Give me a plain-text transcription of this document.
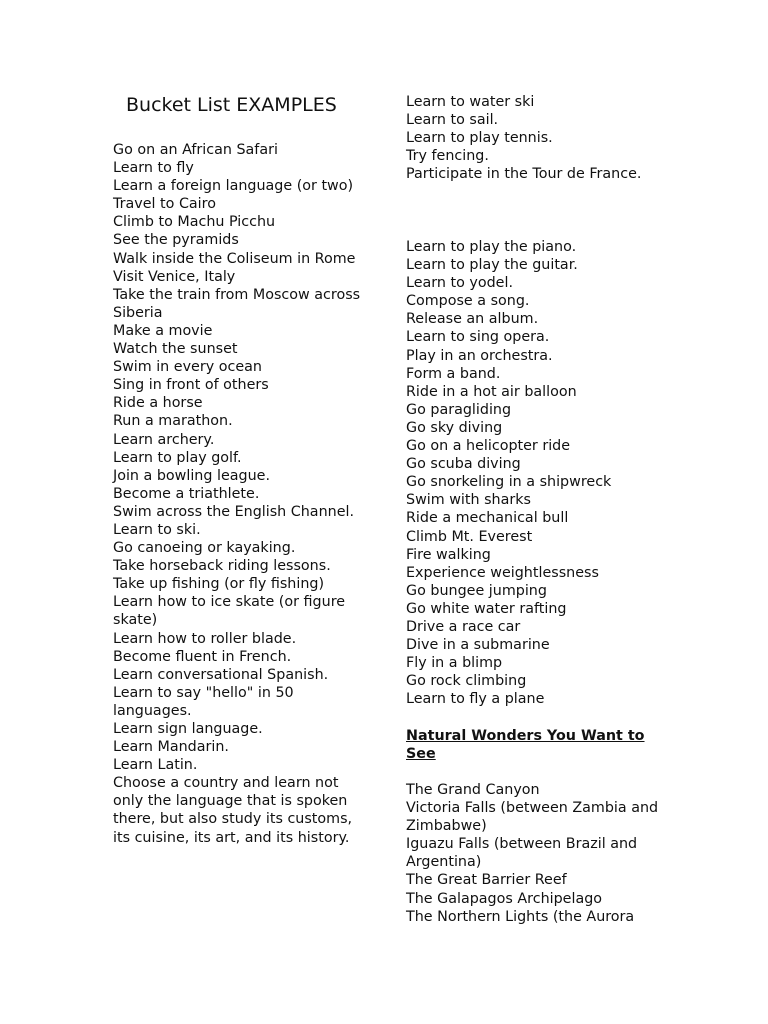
Bucket List EXAMPLES
Go on an African Safari
Learn to fly
Learn a foreign language (or two)
Travel to Cairo
Climb to Machu Picchu
See the pyramids
Walk inside the Coliseum in Rome
Visit Venice, Italy
Take the train from Moscow across Siberia
Make a movie
Watch the sunset
Swim in every ocean
Sing in front of others
Ride a horse
Run a marathon.
Learn archery.
Learn to play golf.
Join a bowling league.
Become a triathlete.
Swim across the English Channel.
Learn to ski.
Go canoeing or kayaking.
Take horseback riding lessons.
Take up fishing (or fly fishing)
Learn how to ice skate (or figure skate)
Learn how to roller blade.
Become fluent in French.
Learn conversational Spanish.
Learn to say "hello" in 50 languages.
Learn sign language.
Learn Mandarin.
Learn Latin.
Choose a country and learn not only the language that is spoken there, but also study its customs, its cuisine, its art, and its history.
Learn to water ski
Learn to sail.
Learn to play tennis.
Try fencing.
Participate in the Tour de France.
Learn to play the piano.
Learn to play the guitar.
Learn to yodel.
Compose a song.
Release an album.
Learn to sing opera.
Play in an orchestra.
Form a band.
Ride in a hot air balloon
Go paragliding
Go sky diving
Go on a helicopter ride
Go scuba diving
Go snorkeling in a shipwreck
Swim with sharks
Ride a mechanical bull
Climb Mt. Everest
Fire walking
Experience weightlessness
Go bungee jumping
Go white water rafting
Drive a race car
Dive in a submarine
Fly in a blimp
Go rock climbing
Learn to fly a plane
Natural Wonders You Want to See
The Grand Canyon
Victoria Falls (between Zambia and Zimbabwe)
Iguazu Falls (between Brazil and Argentina)
The Great Barrier Reef
The Galapagos Archipelago
The Northern Lights (the Aurora
